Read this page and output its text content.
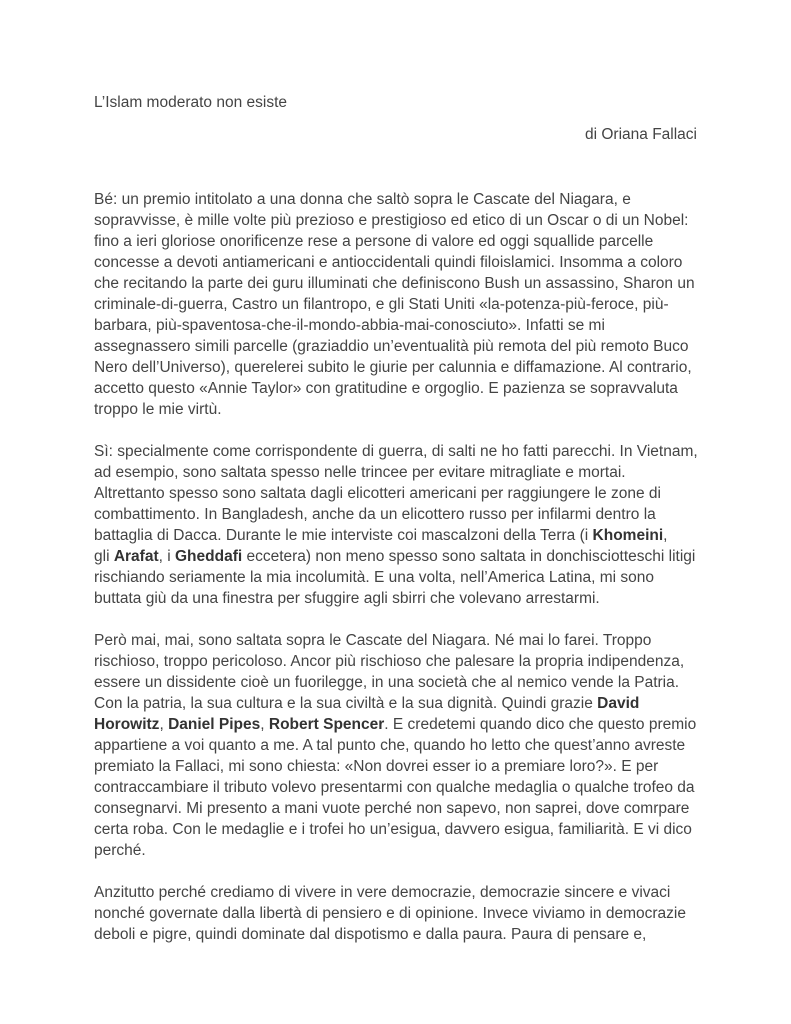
L’Islam moderato non esiste
di Oriana Fallaci

Bé: un premio intitolato a una donna che saltò sopra le Cascate del Niagara, e
sopravvisse, è mille volte più prezioso e prestigioso ed etico di un Oscar o di un Nobel:
fino a ieri gloriose onorificenze rese a persone di valore ed oggi squallide parcelle
concesse a devoti antiamericani e antioccidentali quindi filoislamici. Insomma a coloro
che recitando la parte dei guru illuminati che definiscono Bush un assassino, Sharon un
criminale-di-guerra, Castro un filantropo, e gli Stati Uniti «la-potenza-più-feroce, più-
barbara, più-spaventosa-che-il-mondo-abbia-mai-conosciuto». Infatti se mi
assegnassero simili parcelle (graziaddio un’eventualità più remota del più remoto Buco
Nero dell’Universo), querelerei subito le giurie per calunnia e diffamazione. Al contrario,
accetto questo «Annie Taylor» con gratitudine e orgoglio. E pazienza se sopravvaluta
troppo le mie virtù.

Sì: specialmente come corrispondente di guerra, di salti ne ho fatti parecchi. In Vietnam,
ad esempio, sono saltata spesso nelle trincee per evitare mitragliate e mortai.
Altrettanto spesso sono saltata dagli elicotteri americani per raggiungere le zone di
combattimento. In Bangladesh, anche da un elicottero russo per infilarmi dentro la
battaglia di Dacca. Durante le mie interviste coi mascalzoni della Terra (i Khomeini,
gli Arafat, i Gheddafi eccetera) non meno spesso sono saltata in donchisciotteschi litigi
rischiando seriamente la mia incolumità. E una volta, nell’America Latina, mi sono
buttata giù da una finestra per sfuggire agli sbirri che volevano arrestarmi.

Però mai, mai, sono saltata sopra le Cascate del Niagara. Né mai lo farei. Troppo
rischioso, troppo pericoloso. Ancor più rischioso che palesare la propria indipendenza,
essere un dissidente cioè un fuorilegge, in una società che al nemico vende la Patria.
Con la patria, la sua cultura e la sua civiltà e la sua dignità. Quindi grazie David
Horowitz, Daniel Pipes, Robert Spencer. E credetemi quando dico che questo premio
appartiene a voi quanto a me. A tal punto che, quando ho letto che quest’anno avreste
premiato la Fallaci, mi sono chiesta: «Non dovrei esser io a premiare loro?». E per
contraccambiare il tributo volevo presentarmi con qualche medaglia o qualche trofeo da
consegnarvi. Mi presento a mani vuote perché non sapevo, non saprei, dove comrpare
certa roba. Con le medaglie e i trofei ho un’esigua, davvero esigua, familiarità. E vi dico
perché.

Anzitutto perché crediamo di vivere in vere democrazie, democrazie sincere e vivaci
nonché governate dalla libertà di pensiero e di opinione. Invece viviamo in democrazie
deboli e pigre, quindi dominate dal dispotismo e dalla paura. Paura di pensare e,
